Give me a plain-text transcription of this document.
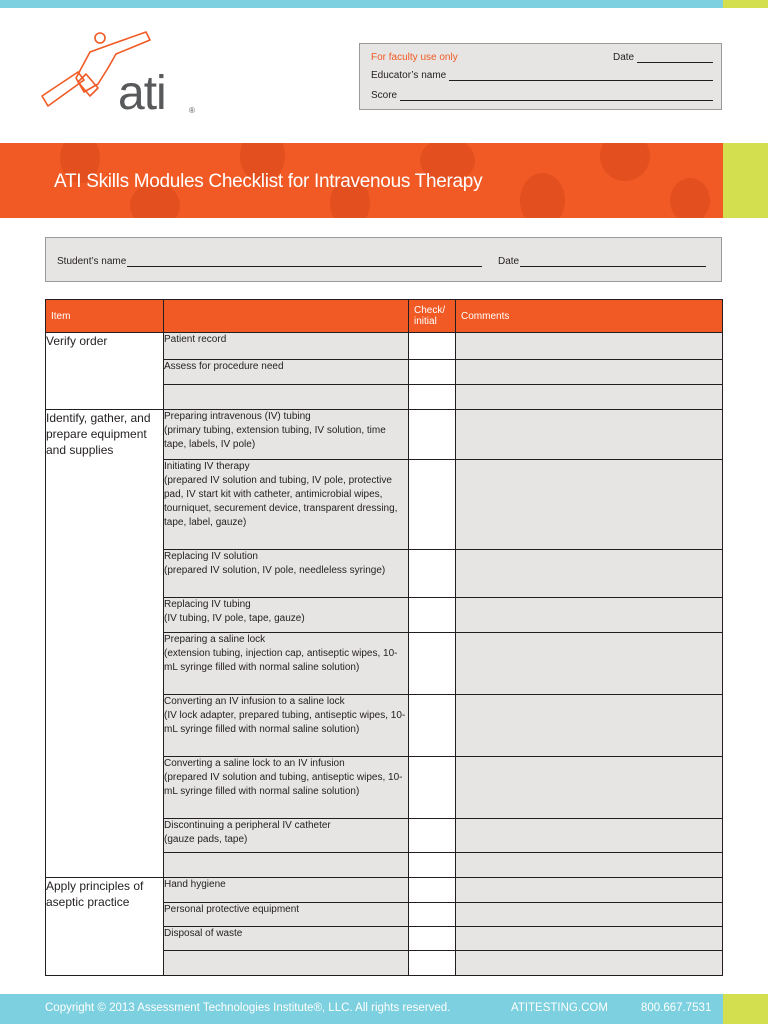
ati	®
For faculty use only	Date
Educator’s name
Score
ATI Skills Modules Checklist for Intravenous Therapy
Student’s name	Date
Item		Check/ initial	Comments
Verify order	Patient record		
	Assess for procedure need		

Identify, gather, and prepare equipment and supplies	Preparing intravenous (IV) tubing
(primary tubing, extension tubing, IV solution, time tape, labels, IV pole)		
	Initiating IV therapy
(prepared IV solution and tubing, IV pole, protective pad, IV start kit with catheter, antimicrobial wipes, tourniquet, securement device, transparent dressing, tape, label, gauze)		
	Replacing IV solution
(prepared IV solution, IV pole, needleless syringe)		
	Replacing IV tubing
(IV tubing, IV pole, tape, gauze)		
	Preparing a saline lock
(extension tubing, injection cap, antiseptic wipes, 10-mL syringe filled with normal saline solution)		
	Converting an IV infusion to a saline lock
(IV lock adapter, prepared tubing, antiseptic wipes, 10-mL syringe filled with normal saline solution)		
	Converting a saline lock to an IV infusion
(prepared IV solution and tubing, antiseptic wipes, 10-mL syringe filled with normal saline solution)		
	Discontinuing a peripheral IV catheter
(gauze pads, tape)		

Apply principles of aseptic practice	Hand hygiene		
	Personal protective equipment		
	Disposal of waste		

Copyright © 2013 Assessment Technologies Institute®, LLC. All rights reserved.	ATITESTING.COM	800.667.7531
